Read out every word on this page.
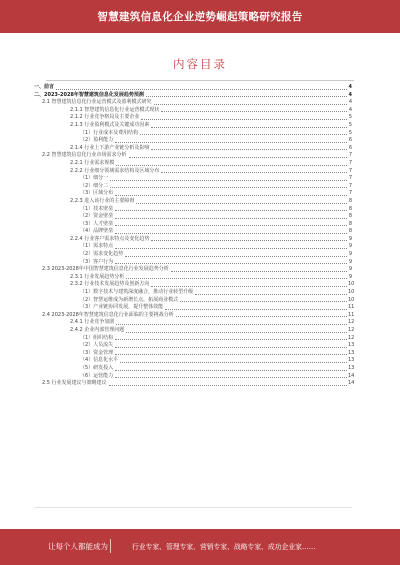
智慧建筑信息化企业逆势崛起策略研究报告
内容目录
一、前言	4
二、2023-2028年智慧建筑信息化发展趋势预测	4
2.1 智慧建筑信息化行业运营模式及盈利模式研究	4
2.1.1 智慧建筑信息化行业运营模式现状	4
2.1.2 行业竞争格局及主要企业	5
2.1.3 行业盈利模式及关键成功因素	5
（1）行业成本及费用结构	5
（2）盈利能力	6
2.1.4 行业上下游产业链分析及影响	6
2.2 智慧建筑信息化行业市场需求分析	7
2.2.1 行业需求规模	7
2.2.2 行业细分领域需求结构及区域分布	7
（1）细分一	7
（2）细分二	7
（3）区域分布	7
2.2.3 进入该行业的主要障碍	8
（1）技术壁垒	8
（2）资金壁垒	8
（3）人才壁垒	8
（4）品牌壁垒	8
2.2.4 行业客户需求特点及变化趋势	9
（1）需求特点	9
（2）需求变化趋势	9
（3）客户行为	9
2.3 2023-2028年中国智慧建筑信息化行业发展趋势分析	9
2.3.1 行业发展趋势分析	9
2.3.2 行业技术发展趋势及创新方向	10
（1）数字技术与建筑深度融合，推动行业转型升级	10
（2）智慧运维成为新增长点，拓展商业模式	10
（3）产业链协同发展，提升整体效能	11
2.4 2023-2028年智慧建筑信息化行业面临的主要挑战分析	11
2.4.1 行业竞争加剧	12
2.4.2 企业内部管理问题	12
（1）组织结构	12
（2）人员流失	13
（3）资金管理	13
（4）信息化水平	13
（5）研发投入	13
（6）运营能力	14
2.5 行业发展建议与策略建议	14
让每个人都能成为	行业专家、管理专家、营销专家、战略专家、成功企业家……
